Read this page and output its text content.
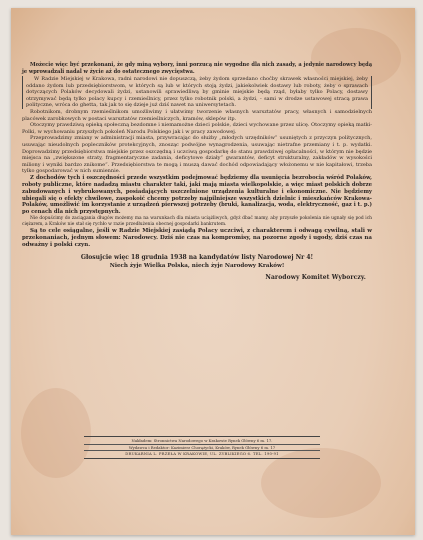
Możecie więc być przekonani, że gdy miną wybory, inni porzucą nie wygodne dla nich zasady, a jedynie narodowcy będą je wprowadzali nadal w życie aż do ostatecznego zwycięstwa.

W Radzie Miejskiej w Krakowa, radni narodowi nie dopuszczą, żeby żydom sprzedano choćby skrawek własności miejskiej, żeby oddano żydom lub przedsiębiorstwom, w których są lub w których stoją żydzi, jakiekolwiek dostawy lub roboty, żeby o sprawach dotyczących Polaków decydowali żydzi, ustanowili sprawiedliwą by gminie miejskie będą rząd, byłaby tylko Polacy, dostawy otrzymywać będą tylko polacy kupcy i rzemieślnicy, przez tylko robotnik polski, a żydzi, - sami w drodze ustawowej stracą prawa polityczne, wróca do ghetta, tak jak to się dzieje już dziś nawet na uniwersytetach.

Robotnikom, drobnym rzemieślnikom umożliwimy i ułatwimy tworzenie własnych warsztatów pracy, własnych i samodzielnych placówek zarobkowych w postaci warsztatów rzemieślniczych, kramów, sklepów itp.

Otoczymy prawdziwą opieką społeczną bezdomne i niemamożne dzieci polskie, dzieci wychowane przez ulicę. Otoczymy opieką matki-Polki, w wychowaniu przyszłych pokoleń Narodu Polskiego jak i w pracy zawodowej.

Przeprowadzimy zmiany w administracji miasta, przywracając do służby „młodych urzędników” usuniętych z przyczyn politycznych, usuwając nieudolnych popleczników protekcyjnych, znosząc podwójne wynagrodzenia, usuwając nietrafne przemiany i t. p. wydatki. Doprowadzimy przedsiębiorstwa miejskie przez oszczędną i uczciwą gospodarkę do stanu prawdziwej opłacalności, w którym nie będzie miejsca na „zwiększone straty, fragmentaryczne zadania, deficytowe działy” gwarantów, deficyt strukturalny, zakładów w wysokości miliony i wyniki bardzo znikome”. Przedsiębiorstwa te mogą i muszą dawać dochód odpowiadający włożonemu w nie kapitałowi, trzeba tylko gospodarować w nich sumiennie.

Z dochodów tych i oszczędności przede wszystkim podejmować będziemy dla usunięcia bezrobocia wśród Polaków, roboty publiczne, które nadadzą miastu charakter taki, jaki mają miasta wielkopolskie, a więc miast polskich dobrze zabudowanych i wybrukowanych, posiadających uszczelnione urządzenia kulturalne i ekonomiczne. Nie będziemy ubiegali się o efekty chwilowe, zaspokoić chcemy potrzeby najpilniejsze wszystkich dzielnic i mieszkańców Krakowa-Polaków, umożliwić im korzystanie z urządzeń pierwszej potrzeby (bruki, kanalizacja, woda, elektryczność, gaz i t. p.) po cenach dla nich przystępnych.

Nie dopuścimy do zaciągania długów możemy ma na warunkach dla miasta uciążliwych, gdyż dbać mamy, aby przyszłe pokolenia nie ugnały się pod ich ciężarem, a Kraków nie stał się rychło w razie przedłużenia obecnej gospodarki bankrutem.

Są to cele osiągalne, jeśli w Radzie Miejskiej zasiądą Polacy uczciwi, z charakterem i odwagą cywilną, stali w przekonaniach, jednym słowem: Narodowcy. Dziś nie czas na kompromisy, na pozorne zgody i ugody, dziś czas na odważny i polski czyn.

Głosujcie więc 18 grudnia 1938 na kandydatów listy Narodowej Nr 4!
Niech żyje Wielka Polska, niech żyje Narodowy Kraków!
Narodowy Komitet Wyborczy.
Nakładem: Stronnictwa Narodowego w Krakowie Rynek Główny 6 m. 17.
Wydawca i Redaktor: Kazimierz Chorążycki, Kraków, Rynek Główny 6 m. 17
DRUKARNIA L. PRZEŁA W KRAKOWIE, UL. ZYBLIKIEGO 6. TEL. 190-91
